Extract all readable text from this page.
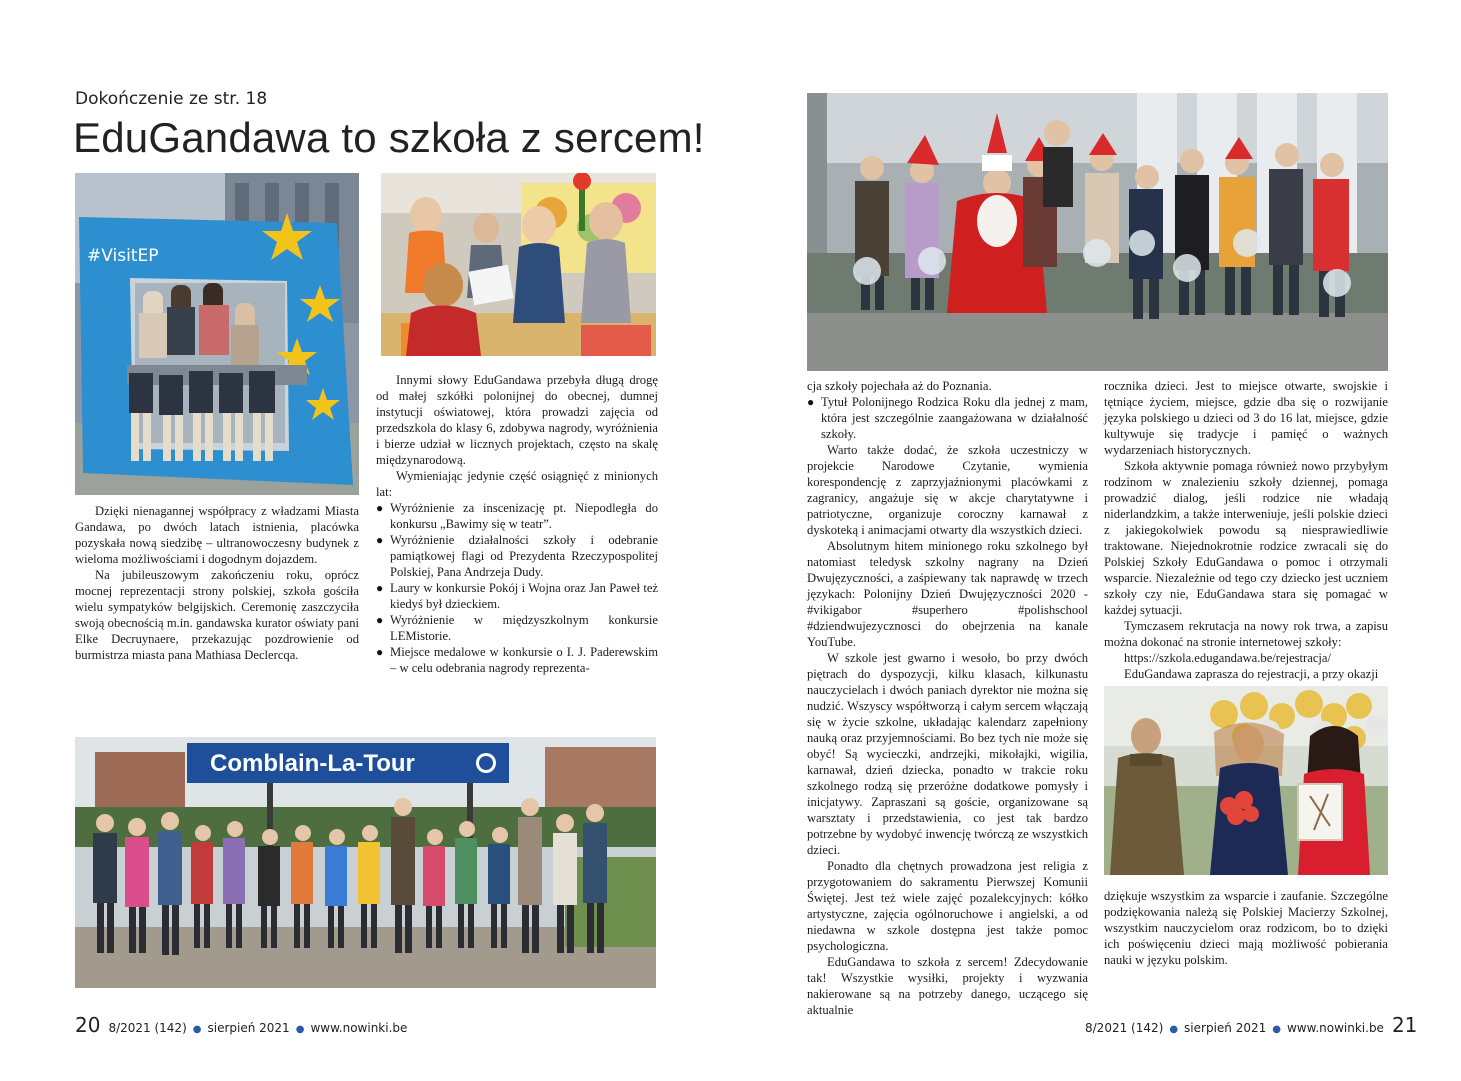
Dokończenie ze str. 18
EduGandawa to szkoła z sercem!
#VisitEP

Dzięki nienagannej współpracy z władzami Miasta Gandawa, po dwóch latach istnienia, placówka pozyskała nową siedzibę – ultranowoczesny budynek z wieloma możliwościami i dogodnym dojazdem.

Na jubileuszowym zakończeniu roku, oprócz mocnej reprezentacji strony polskiej, szkoła gościła wielu sympatyków belgijskich. Ceremonię zaszczyciła swoją obecnością m.in. gandawska kurator oświaty pani Elke Decruynaere, przekazując pozdrowienie od burmistrza miasta pana Mathiasa Declercqa.

Innymi słowy EduGandawa przebyła długą drogę od małej szkółki polonijnej do obecnej, dumnej instytucji oświatowej, która prowadzi zajęcia od przedszkola do klasy 6, zdobywa nagrody, wyróżnienia i bierze udział w licznych projektach, często na skalę międzynarodową.

Wymieniając jedynie część osiągnięć z minionych lat:

● Wyróżnienie za inscenizację pt. Niepodległa do konkursu „Bawimy się w teatr”.
● Wyróżnienie działalności szkoły i odebranie pamiątkowej flagi od Prezydenta Rzeczypospolitej Polskiej, Pana Andrzeja Dudy.
● Laury w konkursie Pokój i Wojna oraz Jan Paweł też kiedyś był dzieckiem.
● Wyróżnienie w międzyszkolnym konkursie LEMistorie.
● Miejsce medalowe w konkursie o I. J. Paderewskim – w celu odebrania nagrody reprezenta-
Comblain-La-Tour

cja szkoły pojechała aż do Poznania.

● Tytuł Polonijnego Rodzica Roku dla jednej z mam, która jest szczególnie zaangażowana w działalność szkoły.

Warto także dodać, że szkoła uczestniczy w projekcie Narodowe Czytanie, wymienia korespondencję z zaprzyjaźnionymi placówkami z zagranicy, angażuje się w akcje charytatywne i patriotyczne, organizuje coroczny karnawał z dyskoteką i animacjami otwarty dla wszystkich dzieci.

Absolutnym hitem minionego roku szkolnego był natomiast teledysk szkolny nagrany na Dzień Dwujęzyczności, a zaśpiewany tak naprawdę w trzech językach: Polonijny Dzień Dwujęzyczności 2020 - #vikigabor #superhero #polishschool #dziendwujezycznosci do obejrzenia na kanale YouTube.

W szkole jest gwarno i wesoło, bo przy dwóch piętrach do dyspozycji, kilku klasach, kilkunastu nauczycielach i dwóch paniach dyrektor nie można się nudzić. Wszyscy współtworzą i całym sercem włączają się w życie szkolne, układając kalendarz zapełniony nauką oraz przyjemnościami. Bo bez tych nie może się obyć! Są wycieczki, andrzejki, mikołajki, wigilia, karnawał, dzień dziecka, ponadto w trakcie roku szkolnego rodzą się przeróżne dodatkowe pomysły i inicjatywy. Zapraszani są goście, organizowane są warsztaty i przedstawienia, co jest tak bardzo potrzebne by wydobyć inwencję twórczą ze wszystkich dzieci.

Ponadto dla chętnych prowadzona jest religia z przygotowaniem do sakramentu Pierwszej Komunii Świętej. Jest też wiele zajęć pozalekcyjnych: kółko artystyczne, zajęcia ogólnoruchowe i angielski, a od niedawna w szkole dostępna jest także pomoc psychologiczna.

EduGandawa to szkoła z sercem! Zdecydowanie tak! Wszystkie wysiłki, projekty i wyzwania nakierowane są na potrzeby danego, uczącego się aktualnie

rocznika dzieci. Jest to miejsce otwarte, swojskie i tętniące życiem, miejsce, gdzie dba się o rozwijanie języka polskiego u dzieci od 3 do 16 lat, miejsce, gdzie kultywuje się tradycje i pamięć o ważnych wydarzeniach historycznych.

Szkoła aktywnie pomaga również nowo przybyłym rodzinom w znalezieniu szkoły dziennej, pomaga prowadzić dialog, jeśli rodzice nie władają niderlandzkim, a także interweniuje, jeśli polskie dzieci z jakiegokolwiek powodu są niesprawiedliwie traktowane. Niejednokrotnie rodzice zwracali się do Polskiej Szkoły EduGandawa o pomoc i otrzymali wsparcie. Niezależnie od tego czy dziecko jest uczniem szkoły czy nie, EduGandawa stara się pomagać w każdej sytuacji.

Tymczasem rekrutacja na nowy rok trwa, a zapisu można dokonać na stronie internetowej szkoły:

https://szkola.edugandawa.be/rejestracja/

EduGandawa zaprasza do rejestracji, a przy okazji

dziękuje wszystkim za wsparcie i zaufanie. Szczególne podziękowania należą się Polskiej Macierzy Szkolnej, wszystkim nauczycielom oraz rodzicom, bo to dzięki ich poświęceniu dzieci mają możliwość pobierania nauki w języku polskim.

20 8/2021 (142) ● sierpień 2021 ● www.nowinki.be	8/2021 (142) ● sierpień 2021 ● www.nowinki.be 21
